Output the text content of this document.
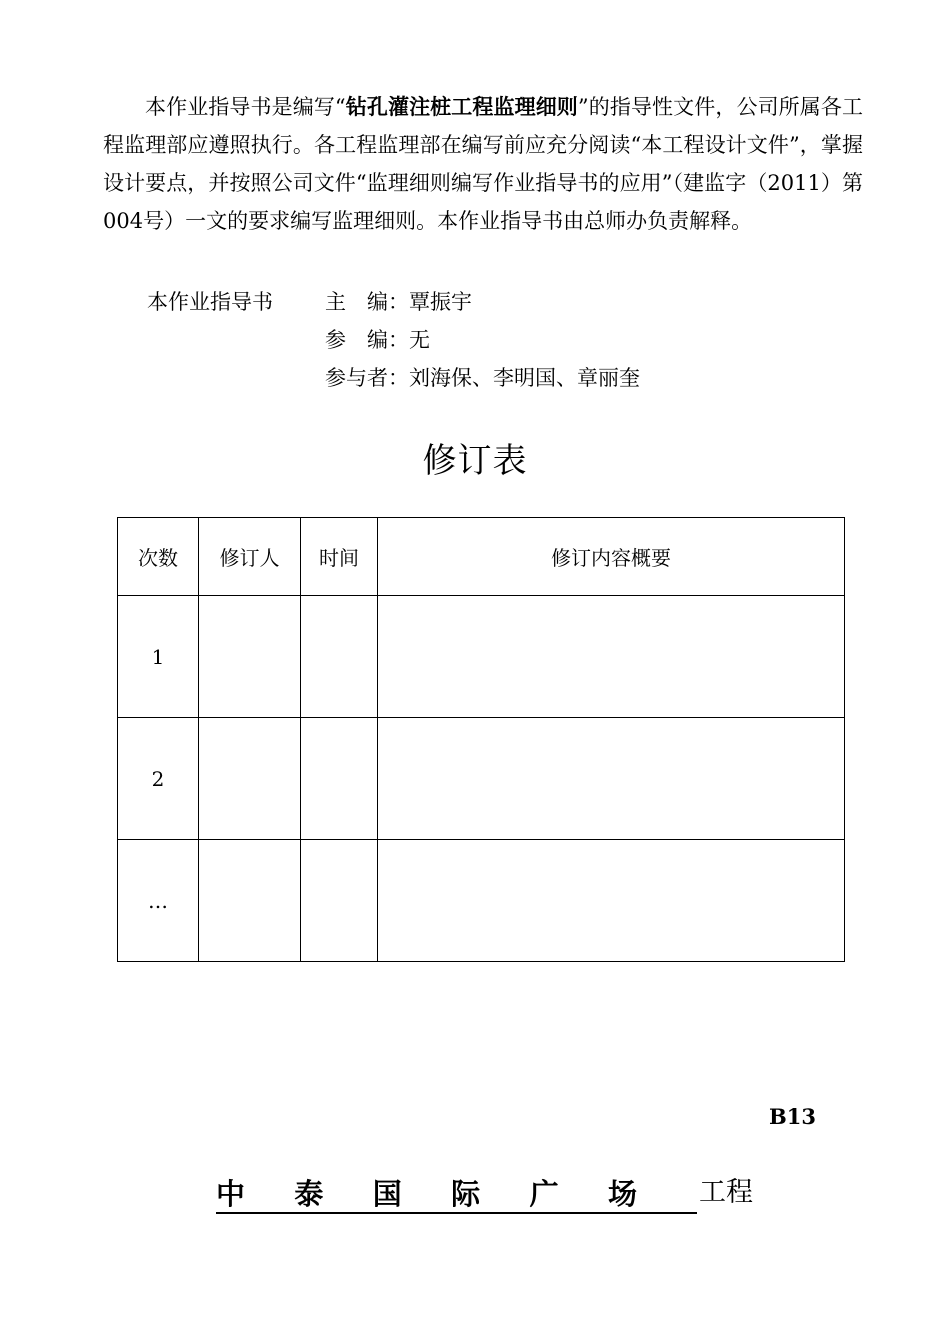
本作业指导书是编写“钻孔灌注桩工程监理细则”的指导性文件，公司所属各工程监理部应遵照执行。各工程监理部在编写前应充分阅读“本工程设计文件”，掌握设计要点，并按照公司文件“监理细则编写作业指导书的应用”（建监字（2011）第004号）一文的要求编写监理细则。本作业指导书由总师办负责解释。

本作业指导书	主　编： 覃振宇
参　编： 无
参与者： 刘海保、李明国、章丽奎
修订表
次数	修订人	时间	修订内容概要
1			
2			
…			
B13
中 泰 国 际 广 场 工程
